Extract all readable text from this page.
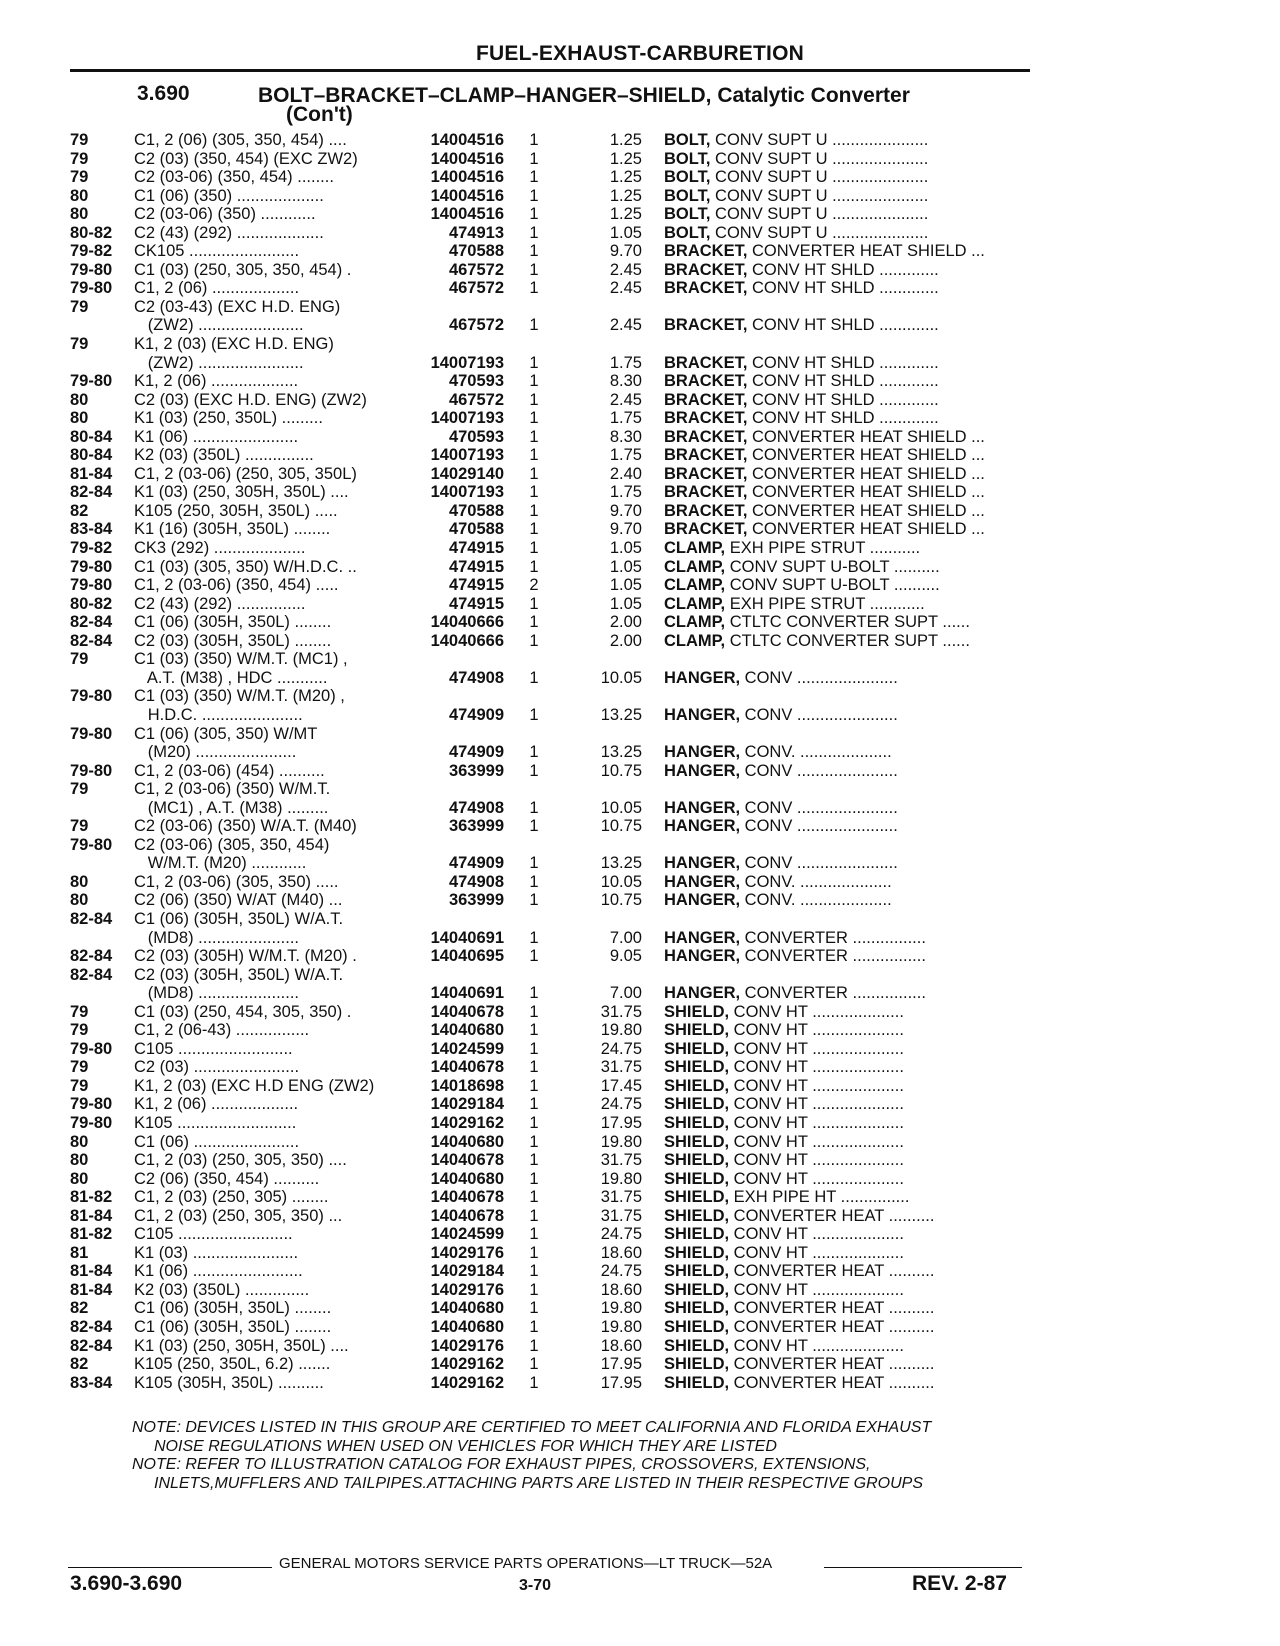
FUEL-EXHAUST-CARBURETION
3.690	BOLT–BRACKET–CLAMP–HANGER–SHIELD, Catalytic Converter
(Con't)
79	C1, 2 (06) (305, 350, 454) ....	14004516	1	1.25 BOLT, CONV SUPT U .....................
79	C2 (03) (350, 454) (EXC ZW2)	14004516	1	1.25 BOLT, CONV SUPT U .....................
79	C2 (03-06) (350, 454) ........	14004516	1	1.25 BOLT, CONV SUPT U .....................
80	C1 (06) (350) ...................	14004516	1	1.25 BOLT, CONV SUPT U .....................
80	C2 (03-06) (350) ............	14004516	1	1.25 BOLT, CONV SUPT U .....................
80-82 C2 (43) (292) ...................	474913	1	1.05 BOLT, CONV SUPT U .....................
79-82 CK105 ........................	470588	1	9.70 BRACKET, CONVERTER HEAT SHIELD ...
79-80 C1 (03) (250, 305, 350, 454) .	467572	1	2.45 BRACKET, CONV HT SHLD .............
79-80 C1, 2 (06) ...................	467572	1	2.45 BRACKET, CONV HT SHLD .............
79	C2 (03-43) (EXC H.D. ENG)
(ZW2) .......................	467572	1	2.45 BRACKET, CONV HT SHLD .............
79	K1, 2 (03) (EXC H.D. ENG)
(ZW2) .......................	14007193	1	1.75 BRACKET, CONV HT SHLD .............
79-80 K1, 2 (06) ...................	470593	1	8.30 BRACKET, CONV HT SHLD .............
80	C2 (03) (EXC H.D. ENG) (ZW2)	467572	1	2.45 BRACKET, CONV HT SHLD .............
80	K1 (03) (250, 350L) .........	14007193	1	1.75 BRACKET, CONV HT SHLD .............
80-84 K1 (06) .......................	470593	1	8.30 BRACKET, CONVERTER HEAT SHIELD ...
80-84 K2 (03) (350L) ...............	14007193	1	1.75 BRACKET, CONVERTER HEAT SHIELD ...
81-84 C1, 2 (03-06) (250, 305, 350L)	14029140	1	2.40 BRACKET, CONVERTER HEAT SHIELD ...
82-84 K1 (03) (250, 305H, 350L) ....	14007193	1	1.75 BRACKET, CONVERTER HEAT SHIELD ...
82	K105 (250, 305H, 350L) .....	470588	1	9.70 BRACKET, CONVERTER HEAT SHIELD ...
83-84 K1 (16) (305H, 350L) ........	470588	1	9.70 BRACKET, CONVERTER HEAT SHIELD ...
79-82 CK3 (292) ....................	474915	1	1.05 CLAMP, EXH PIPE STRUT ...........
79-80 C1 (03) (305, 350) W/H.D.C. ..	474915	1	1.05 CLAMP, CONV SUPT U-BOLT ..........
79-80 C1, 2 (03-06) (350, 454) .....	474915	2	1.05 CLAMP, CONV SUPT U-BOLT ..........
80-82 C2 (43) (292) ...............	474915	1	1.05 CLAMP, EXH PIPE STRUT ............
82-84 C1 (06) (305H, 350L) ........	14040666	1	2.00 CLAMP, CTLTC CONVERTER SUPT ......
82-84 C2 (03) (305H, 350L) ........	14040666	1	2.00 CLAMP, CTLTC CONVERTER SUPT ......
79	C1 (03) (350) W/M.T. (MC1) ,
A.T. (M38) , HDC ...........	474908	1	10.05 HANGER, CONV ......................
79-80 C1 (03) (350) W/M.T. (M20) ,
H.D.C. ......................	474909	1	13.25 HANGER, CONV ......................
79-80 C1 (06) (305, 350) W/MT
(M20) ......................	474909	1	13.25 HANGER, CONV. ....................
79-80 C1, 2 (03-06) (454) ..........	363999	1	10.75 HANGER, CONV ......................
79	C1, 2 (03-06) (350) W/M.T.
(MC1) , A.T. (M38) .........	474908	1	10.05 HANGER, CONV ......................
79	C2 (03-06) (350) W/A.T. (M40)	363999	1	10.75 HANGER, CONV ......................
79-80 C2 (03-06) (305, 350, 454)
W/M.T. (M20) ............	474909	1	13.25 HANGER, CONV ......................
80	C1, 2 (03-06) (305, 350) .....	474908	1	10.05 HANGER, CONV. ....................
80	C2 (06) (350) W/AT (M40) ...	363999	1	10.75 HANGER, CONV. ....................
82-84 C1 (06) (305H, 350L) W/A.T.
(MD8) ......................	14040691	1	7.00 HANGER, CONVERTER ................
82-84 C2 (03) (305H) W/M.T. (M20) .	14040695	1	9.05 HANGER, CONVERTER ................
82-84 C2 (03) (305H, 350L) W/A.T.
(MD8) ......................	14040691	1	7.00 HANGER, CONVERTER ................
79	C1 (03) (250, 454, 305, 350) .	14040678	1	31.75 SHIELD, CONV HT ....................
79	C1, 2 (06-43) ................	14040680	1	19.80 SHIELD, CONV HT ....................
79-80 C105 .........................	14024599	1	24.75 SHIELD, CONV HT ....................
79	C2 (03) .......................	14040678	1	31.75 SHIELD, CONV HT ....................
79	K1, 2 (03) (EXC H.D ENG (ZW2)	14018698	1	17.45 SHIELD, CONV HT ....................
79-80 K1, 2 (06) ...................	14029184	1	24.75 SHIELD, CONV HT ....................
79-80 K105 ..........................	14029162	1	17.95 SHIELD, CONV HT ....................
80	C1 (06) .......................	14040680	1	19.80 SHIELD, CONV HT ....................
80	C1, 2 (03) (250, 305, 350) ....	14040678	1	31.75 SHIELD, CONV HT ....................
80	C2 (06) (350, 454) ..........	14040680	1	19.80 SHIELD, CONV HT ....................
81-82 C1, 2 (03) (250, 305) ........	14040678	1	31.75 SHIELD, EXH PIPE HT ...............
81-84 C1, 2 (03) (250, 305, 350) ...	14040678	1	31.75 SHIELD, CONVERTER HEAT ..........
81-82 C105 .........................	14024599	1	24.75 SHIELD, CONV HT ....................
81	K1 (03) .......................	14029176	1	18.60 SHIELD, CONV HT ....................
81-84 K1 (06) ........................	14029184	1	24.75 SHIELD, CONVERTER HEAT ..........
81-84 K2 (03) (350L) ..............	14029176	1	18.60 SHIELD, CONV HT ....................
82	C1 (06) (305H, 350L) ........	14040680	1	19.80 SHIELD, CONVERTER HEAT ..........
82-84 C1 (06) (305H, 350L) ........	14040680	1	19.80 SHIELD, CONVERTER HEAT ..........
82-84 K1 (03) (250, 305H, 350L) ....	14029176	1	18.60 SHIELD, CONV HT ....................
82	K105 (250, 350L, 6.2) .......	14029162	1	17.95 SHIELD, CONVERTER HEAT ..........
83-84 K105 (305H, 350L) ..........	14029162	1	17.95 SHIELD, CONVERTER HEAT ..........
NOTE: DEVICES LISTED IN THIS GROUP ARE CERTIFIED TO MEET CALIFORNIA AND FLORIDA EXHAUST
NOISE REGULATIONS WHEN USED ON VEHICLES FOR WHICH THEY ARE LISTED
NOTE: REFER TO ILLUSTRATION CATALOG FOR EXHAUST PIPES, CROSSOVERS, EXTENSIONS,
INLETS,MUFFLERS AND TAILPIPES.ATTACHING PARTS ARE LISTED IN THEIR RESPECTIVE GROUPS
GENERAL MOTORS SERVICE PARTS OPERATIONS—LT TRUCK—52A
3.690-3.690	3-70	REV. 2-87
